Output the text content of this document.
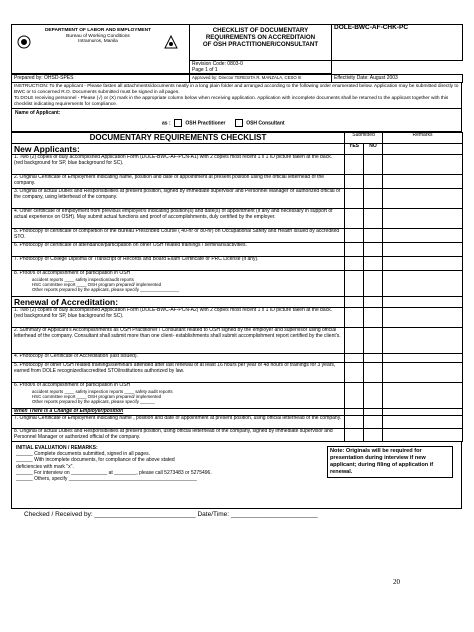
DEPARTMENT OF LABOR AND EMPLOYMENT
Bureau of Working Conditions
Intramuros, Manila

CHECKLIST OF DOCUMENTARY
REQUIREMENTS ON ACCREDITAION
OF OSH PRACTITIONER/CONSULTANT
	DOLE-BWC-AF-CHK-PC

Revision Code: 0803-0
Page 1 of 1
Prepared by: OHSD-SPES	Approved by: Director TERESITA R. MANZALA, CESO III	Effectivity Date: August 2003
INSTRUCTION: To the applicant - Please fasten all attachments/documents neatly in a long plain folder and arranged according to the following order enumerated below. Application may be submitted directly to BWC or to concerned R.O. Documents submitted must be signed in all pages.
To DOLE receiving personnel - Please (√) or (X) mark in the appropriate column below when receiving application. Application with incomplete documents shall be returned to the applicant together with this checklist indicating requirements for compliance.
Name of Applicant:
as :	OSH Practitioner	OSH Consultant
DOCUMENTARY REQUIREMENTS CHECKLIST	Submitted		Remarks
New Applicants:	YES	NO	
1. Two (2) copies of duly accomplished Application Form (DOLE-BWC-AF-PCN-A1) with 2 copies most recent 1 x 1 ID picture taken at the back. (red background for SP, blue background for SC).			
2. Original Certificate of Employment indicating name, position and date of appointment at present position using the official letterhead of the company.			
3. Original of actual Duties and Responsibilities at present position, signed by immediate supervisor and Personnel Manager or authorized official of the company, using letterhead of the company.			
4. Other certificate of employment from previous employer/s indicating position(s) and date(s) of appointment (if any and necessary in support of actual experience on OSH). May submit actual functions and proof of accomplishments, duly certified by the employer.			
5. Photocopy of certificate of completion of the Bureau Prescribed Course ( 40-hr or 80-hr) on Occupational Safety and Health issued by accredited STO.			
6. Photocopy of certificate of attendance/participation on other OSH related trainings / seminars/activities.			
7. Photocopy of College Diploma or Transcript of Records and Board Exam Certificate or PRC License (if any).			

8. Proof/s of accomplishment or participation in OSH
accident reports ____ safety inspection/audit reports
HSC committee report ____ OSH program prepared/ implemented
Other reports prepared by the applicant, please specify ________________			

Renewal of Accreditation:			
1. Two (2) copies of duly accomplished Application Form (DOLE-BWC-AF-PCN-A2) with 2 copies most recent 1 x 1 ID picture taken at the back. (red background for SP, blue background for SC).			
2. Summary of Applicant's Accomplishments as OSH Practitioner / Consultant related to OSH signed by the employer and supervisor using official letterhead of the company. Consultant shall submit more than one client- establishments shall submit accomplishment report certified by the client's.			
4. Photocopy of Certificate of Accreditation (last issued).			
5. Photocopy of other OSH related trainings/seminars attended after last renewal of at least 16 hours per year or 48 hours of trainings for 3 years, earned from DOLE recognized/accredited STO/institutions authorized by law.			

6. Proof/s of accomplishment or participation in OSH
accident reports ____ safety inspection reports ____ safety audit reports
HSC committee report ____ OSH program prepared/ implemented
Other reports prepared by the applicant, please specify ______			

When There is a Change of Employer/position			
7. Original Certificate of Employment indicating name , position and date of appointment at present position, using official letterhead of the company.			
8. Original of actual Duties and Responsibilities at present position, using official letterhead of the company, signed by immediate supervisor and Personnel Manager or authorized official of the company.			
INITIAL EVALUATION / REMARKS:
______ Complete documents submitted, signed in all pages.
______ With incomplete documents, for compliance of the above stated
deficiencies with mark "x".
______ For interview on _____________ at ________, please call 5273483 or 5275496.
______ Others, specify ______________________________________________
Note: Originals will be required for presentation during interview if new applicant; during filing of application if renewal.
Checked / Received by: ____________________________ Date/Time: ________________________
20
